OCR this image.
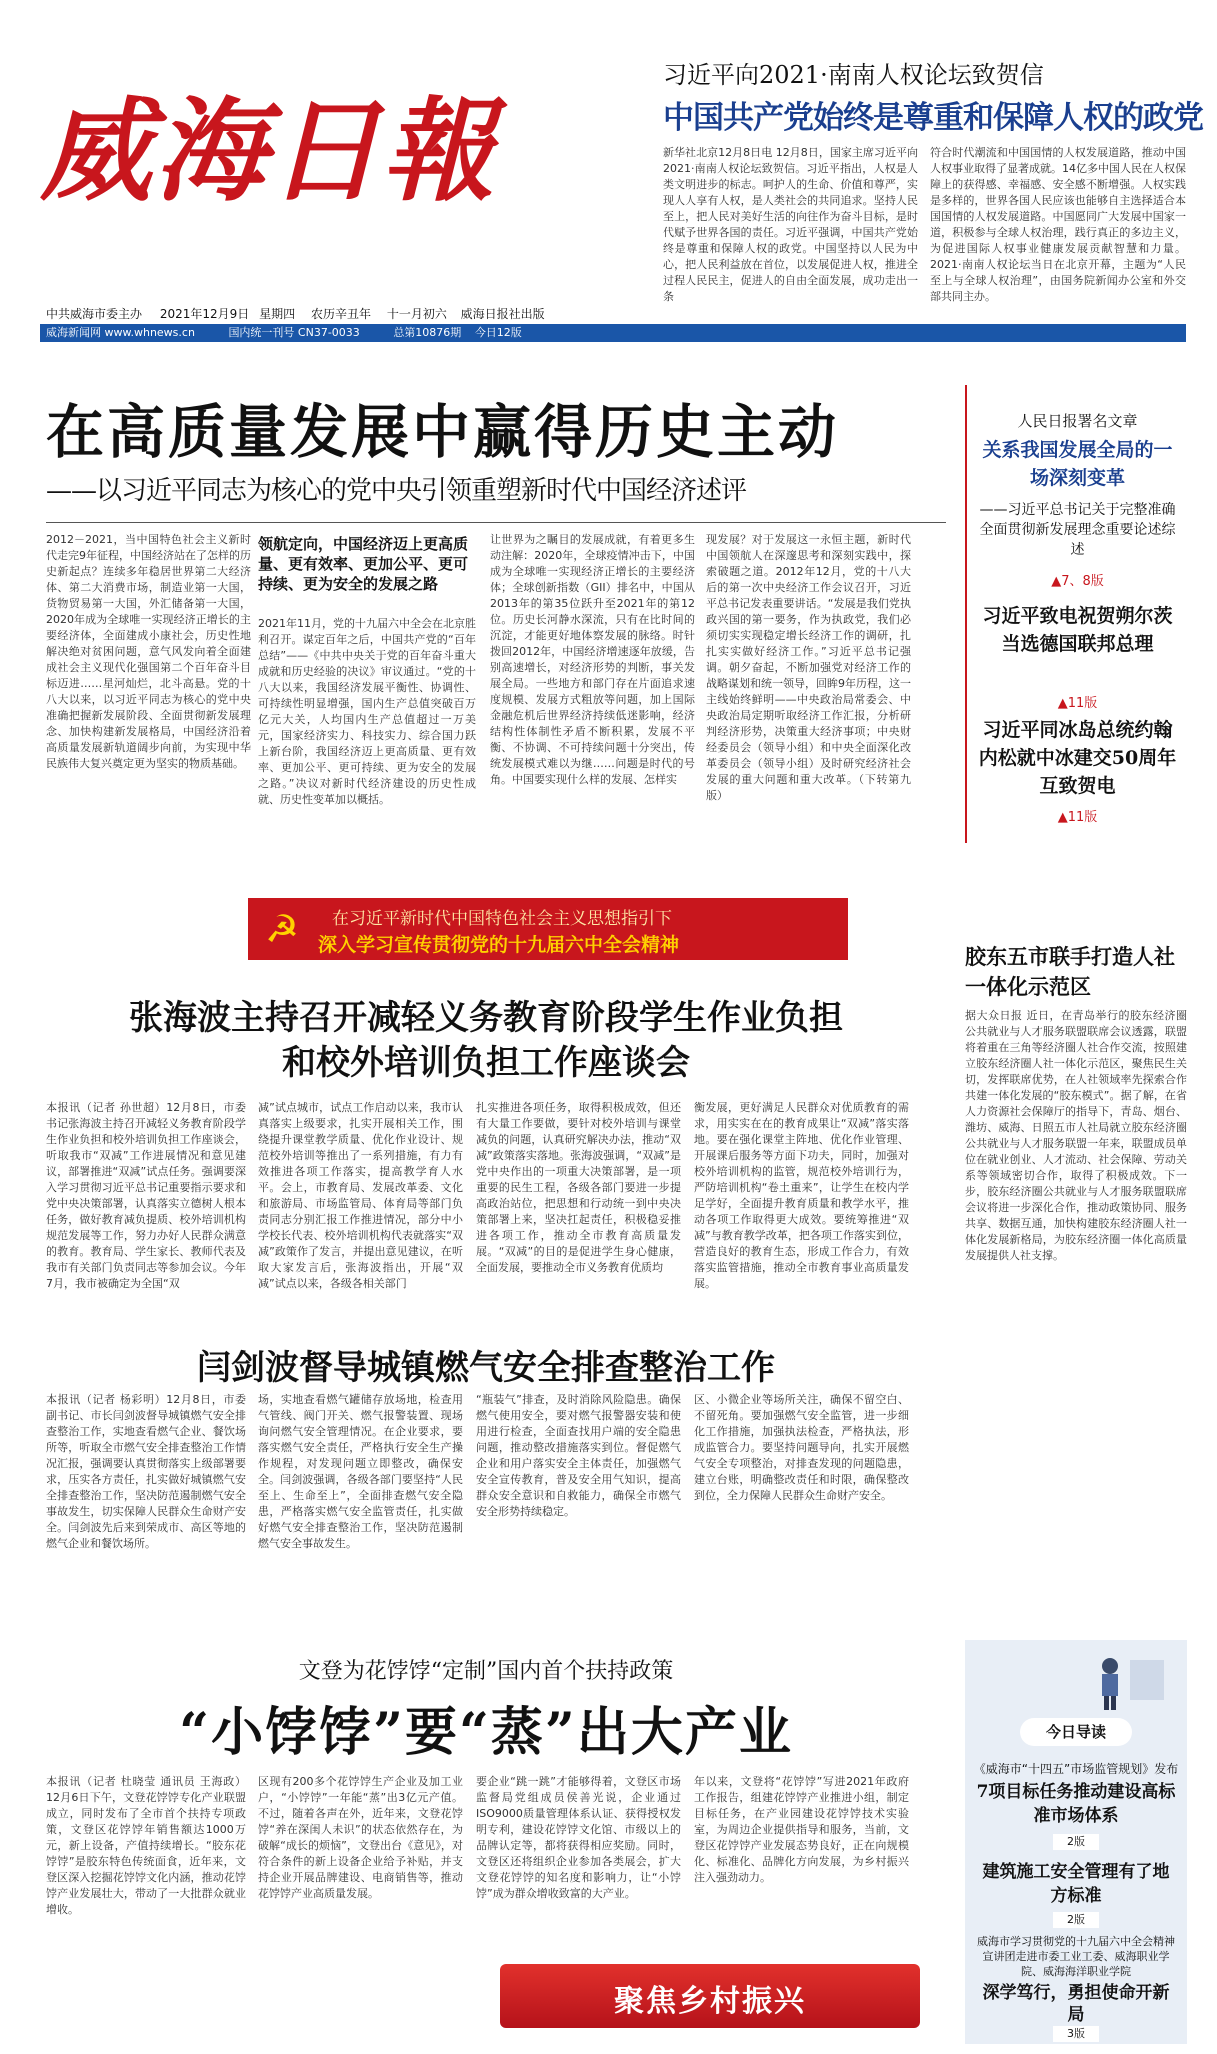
威海日報
中共威海市委主办 2021年12月9日 星期四 农历辛丑年 十一月初六 威海日报社出版
威海新闻网 www.whnews.cn	国内统一刊号 CN37-0033	总第10876期 今日12版
习近平向2021·南南人权论坛致贺信
中国共产党始终是尊重和保障人权的政党
新华社北京12月8日电 12月8日，国家主席习近平向2021·南南人权论坛致贺信。习近平指出，人权是人类文明进步的标志。呵护人的生命、价值和尊严，实现人人享有人权，是人类社会的共同追求。坚持人民至上，把人民对美好生活的向往作为奋斗目标，是时代赋予世界各国的责任。习近平强调，中国共产党始终是尊重和保障人权的政党。中国坚持以人民为中心，把人民利益放在首位，以发展促进人权，推进全过程人民民主，促进人的自由全面发展，成功走出一条
符合时代潮流和中国国情的人权发展道路，推动中国人权事业取得了显著成就。14亿多中国人民在人权保障上的获得感、幸福感、安全感不断增强。人权实践是多样的，世界各国人民应该也能够自主选择适合本国国情的人权发展道路。中国愿同广大发展中国家一道，积极参与全球人权治理，践行真正的多边主义，为促进国际人权事业健康发展贡献智慧和力量。2021·南南人权论坛当日在北京开幕，主题为“人民至上与全球人权治理”，由国务院新闻办公室和外交部共同主办。
在高质量发展中赢得历史主动
——以习近平同志为核心的党中央引领重塑新时代中国经济述评
2012－2021，当中国特色社会主义新时代走完9年征程，中国经济站在了怎样的历史新起点？连续多年稳居世界第二大经济体、第二大消费市场，制造业第一大国，货物贸易第一大国，外汇储备第一大国，2020年成为全球唯一实现经济正增长的主要经济体，全面建成小康社会，历史性地解决绝对贫困问题，意气风发向着全面建成社会主义现代化强国第二个百年奋斗目标迈进……星河灿烂，北斗高悬。党的十八大以来，以习近平同志为核心的党中央准确把握新发展阶段、全面贯彻新发展理念、加快构建新发展格局，中国经济沿着高质量发展新轨道阔步向前，为实现中华民族伟大复兴奠定更为坚实的物质基础。
领航定向，中国经济迈上更高质量、更有效率、更加公平、更可持续、更为安全的发展之路
2021年11月，党的十九届六中全会在北京胜利召开。谋定百年之后，中国共产党的“百年总结”——《中共中央关于党的百年奋斗重大成就和历史经验的决议》审议通过。“党的十八大以来，我国经济发展平衡性、协调性、可持续性明显增强，国内生产总值突破百万亿元大关，人均国内生产总值超过一万美元，国家经济实力、科技实力、综合国力跃上新台阶，我国经济迈上更高质量、更有效率、更加公平、更可持续、更为安全的发展之路。”决议对新时代经济建设的历史性成就、历史性变革加以概括。
让世界为之瞩目的发展成就，有着更多生动注解：2020年，全球疫情冲击下，中国成为全球唯一实现经济正增长的主要经济体；全球创新指数（GII）排名中，中国从2013年的第35位跃升至2021年的第12位。历史长河静水深流，只有在比时间的沉淀，才能更好地体察发展的脉络。时针拨回2012年，中国经济增速逐年放缓，告别高速增长，对经济形势的判断，事关发展全局。一些地方和部门存在片面追求速度规模、发展方式粗放等问题，加上国际金融危机后世界经济持续低迷影响，经济结构性体制性矛盾不断积累，发展不平衡、不协调、不可持续问题十分突出，传统发展模式难以为继……问题是时代的号角。中国要实现什么样的发展、怎样实
现发展？对于发展这一永恒主题，新时代中国领航人在深邃思考和深刻实践中，探索破题之道。2012年12月，党的十八大后的第一次中央经济工作会议召开，习近平总书记发表重要讲话。“发展是我们党执政兴国的第一要务，作为执政党，我们必须切实实现稳定增长经济工作的调研，扎扎实实做好经济工作。”习近平总书记强调。朝夕奋起，不断加强党对经济工作的战略谋划和统一领导，回眸9年历程，这一主线始终鲜明——中央政治局常委会、中央政治局定期听取经济工作汇报，分析研判经济形势，决策重大经济事项；中央财经委员会（领导小组）和中央全面深化改革委员会（领导小组）及时研究经济社会发展的重大问题和重大改革。（下转第九版）
人民日报署名文章
关系我国发展全局的一场深刻变革
——习近平总书记关于完整准确全面贯彻新发展理念重要论述综述
▲7、8版
习近平致电祝贺朔尔茨当选德国联邦总理
▲11版
习近平同冰岛总统约翰内松就中冰建交50周年互致贺电
▲11版
☭ 在习近平新时代中国特色社会主义思想指引下
深入学习宣传贯彻党的十九届六中全会精神
张海波主持召开减轻义务教育阶段学生作业负担
和校外培训负担工作座谈会
本报讯（记者 孙世超）12月8日，市委书记张海波主持召开减轻义务教育阶段学生作业负担和校外培训负担工作座谈会，听取我市“双减”工作进展情况和意见建议，部署推进“双减”试点任务。强调要深入学习贯彻习近平总书记重要指示要求和党中央决策部署，认真落实立德树人根本任务，做好教育减负提质、校外培训机构规范发展等工作，努力办好人民群众满意的教育。教育局、学生家长、教师代表及我市有关部门负责同志等参加会议。今年7月，我市被确定为全国“双
减”试点城市，试点工作启动以来，我市认真落实上级要求，扎实开展相关工作，围绕提升课堂教学质量、优化作业设计、规范校外培训等推出了一系列措施，有力有效推进各项工作落实，提高教学育人水平。会上，市教育局、发展改革委、文化和旅游局、市场监管局、体育局等部门负责同志分别汇报工作推进情况，部分中小学校长代表、校外培训机构代表就落实“双减”政策作了发言，并提出意见建议，在听取大家发言后，张海波指出，开展“双减”试点以来，各级各相关部门
扎实推进各项任务，取得积极成效，但还有大量工作要做，要针对校外培训与课堂减负的问题，认真研究解决办法，推动“双减”政策落实落地。张海波强调，“双减”是党中央作出的一项重大决策部署，是一项重要的民生工程，各级各部门要进一步提高政治站位，把思想和行动统一到中央决策部署上来，坚决扛起责任，积极稳妥推进各项工作，推动全市教育高质量发展。“双减”的目的是促进学生身心健康，全面发展，要推动全市义务教育优质均
衡发展，更好满足人民群众对优质教育的需求，用实实在在的教育成果让“双减”落实落地。要在强化课堂主阵地、优化作业管理、开展课后服务等方面下功夫，同时，加强对校外培训机构的监管，规范校外培训行为，严防培训机构“卷土重来”，让学生在校内学足学好，全面提升教育质量和教学水平，推动各项工作取得更大成效。要统筹推进“双减”与教育教学改革，把各项工作落实到位，营造良好的教育生态，形成工作合力，有效落实监管措施，推动全市教育事业高质量发展。
闫剑波督导城镇燃气安全排查整治工作
本报讯（记者 杨彩明）12月8日，市委副书记、市长闫剑波督导城镇燃气安全排查整治工作，实地查看燃气企业、餐饮场所等，听取全市燃气安全排查整治工作情况汇报，强调要认真贯彻落实上级部署要求，压实各方责任，扎实做好城镇燃气安全排查整治工作，坚决防范遏制燃气安全事故发生，切实保障人民群众生命财产安全。闫剑波先后来到荣成市、高区等地的燃气企业和餐饮场所。
场，实地查看燃气罐储存放场地，检查用气管线、阀门开关、燃气报警装置、现场询问燃气安全管理情况。在企业要求，要落实燃气安全责任，严格执行安全生产操作规程，对发现问题立即整改，确保安全。闫剑波强调，各级各部门要坚持“人民至上、生命至上”，全面排查燃气安全隐患，严格落实燃气安全监管责任，扎实做好燃气安全排查整治工作，坚决防范遏制燃气安全事故发生。
“瓶装气”排查，及时消除风险隐患。确保燃气使用安全，要对燃气报警器安装和使用进行检查，全面查找用户端的安全隐患问题，推动整改措施落实到位。督促燃气企业和用户落实安全主体责任，加强燃气安全宣传教育，普及安全用气知识，提高群众安全意识和自救能力，确保全市燃气安全形势持续稳定。
区、小微企业等场所关注，确保不留空白、不留死角。要加强燃气安全监管，进一步细化工作措施，加强执法检查，严格执法，形成监管合力。要坚持问题导向，扎实开展燃气安全专项整治，对排查发现的问题隐患，建立台账，明确整改责任和时限，确保整改到位，全力保障人民群众生命财产安全。
文登为花饽饽“定制”国内首个扶持政策
“小饽饽”要“蒸”出大产业
本报讯（记者 杜晓莹 通讯员 王海政）12月6日下午，文登花饽饽专化产业联盟成立，同时发布了全市首个扶持专项政策，文登区花饽饽年销售额达1000万元，新上设备，产值持续增长。“胶东花饽饽”是胶东特色传统面食，近年来，文登区深入挖掘花饽饽文化内涵，推动花饽饽产业发展壮大，带动了一大批群众就业增收。
区现有200多个花饽饽生产企业及加工业户，“小饽饽”一年能“蒸”出3亿元产值。不过，随着各声在外，近年来，文登花饽饽“养在深闺人未识”的状态依然存在，为破解“成长的烦恼”，文登出台《意见》，对符合条件的新上设备企业给予补贴，并支持企业开展品牌建设、电商销售等，推动花饽饽产业高质量发展。
要企业“跳一跳”才能够得着，文登区市场监督局党组成员侯善光说，企业通过ISO9000质量管理体系认证、获得授权发明专利，建设花饽饽文化馆、市级以上的品牌认定等，都将获得相应奖励。同时，文登区还将组织企业参加各类展会，扩大文登花饽饽的知名度和影响力，让“小饽饽”成为群众增收致富的大产业。
年以来，文登将“花饽饽”写进2021年政府工作报告，组建花饽饽产业推进小组，制定目标任务，在产业园建设花饽饽技术实验室，为周边企业提供指导和服务，当前，文登区花饽饽产业发展态势良好，正在向规模化、标准化、品牌化方向发展，为乡村振兴注入强劲动力。
聚焦乡村振兴
胶东五市联手打造人社一体化示范区
据大众日报 近日，在青岛举行的胶东经济圈公共就业与人才服务联盟联席会议透露，联盟将着重在三角等经济圈人社合作交流，按照建立胶东经济圈人社一体化示范区，聚焦民生关切，发挥联席优势，在人社领域率先探索合作共建一体化发展的“胶东模式”。据了解，在省人力资源社会保障厅的指导下，青岛、烟台、潍坊、威海、日照五市人社局就立胶东经济圈公共就业与人才服务联盟一年来，联盟成员单位在就业创业、人才流动、社会保障、劳动关系等领域密切合作，取得了积极成效。下一步，胶东经济圈公共就业与人才服务联盟联席会议将进一步深化合作，推动政策协同、服务共享、数据互通，加快构建胶东经济圈人社一体化发展新格局，为胶东经济圈一体化高质量发展提供人社支撑。
今日导读
《威海市“十四五”市场监管规划》发布
7项目标任务推动建设高标准市场体系
2版
建筑施工安全管理有了地方标准
2版
威海市学习贯彻党的十九届六中全会精神宣讲团走进市委工业工委、威海职业学院、威海海洋职业学院
深学笃行，勇担使命开新局
3版
